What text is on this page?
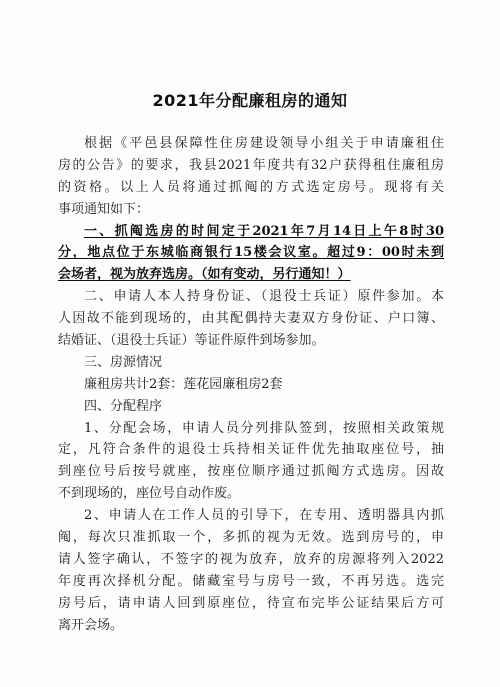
2021年分配廉租房的通知
根据《平邑县保障性住房建设领导小组关于申请廉租住
房的公告》的要求，我县2021年度共有32户获得租住廉租房
的资格。以上人员将通过抓阄的方式选定房号。现将有关
事项通知如下：
一、抓阄选房的时间定于2021年7月14日上午8时30
分，地点位于东城临商银行15楼会议室。超过9：00时未到
会场者，视为放弃选房。（如有变动，另行通知！）
二、申请人本人持身份证、（退役士兵证）原件参加。本
人因故不能到现场的，由其配偶持夫妻双方身份证、户口簿、
结婚证、（退役士兵证）等证件原件到场参加。
三、房源情况
廉租房共计2套：莲花园廉租房2套
四、分配程序
1、分配会场，申请人员分列排队签到，按照相关政策规
定，凡符合条件的退役士兵持相关证件优先抽取座位号，抽
到座位号后按号就座，按座位顺序通过抓阄方式选房。因故
不到现场的，座位号自动作废。
2、申请人在工作人员的引导下，在专用、透明器具内抓
阄，每次只准抓取一个，多抓的视为无效。选到房号的，申
请人签字确认，不签字的视为放弃，放弃的房源将列入2022
年度再次择机分配。储藏室号与房号一致，不再另选。选完
房号后，请申请人回到原座位，待宣布完毕公证结果后方可
离开会场。
